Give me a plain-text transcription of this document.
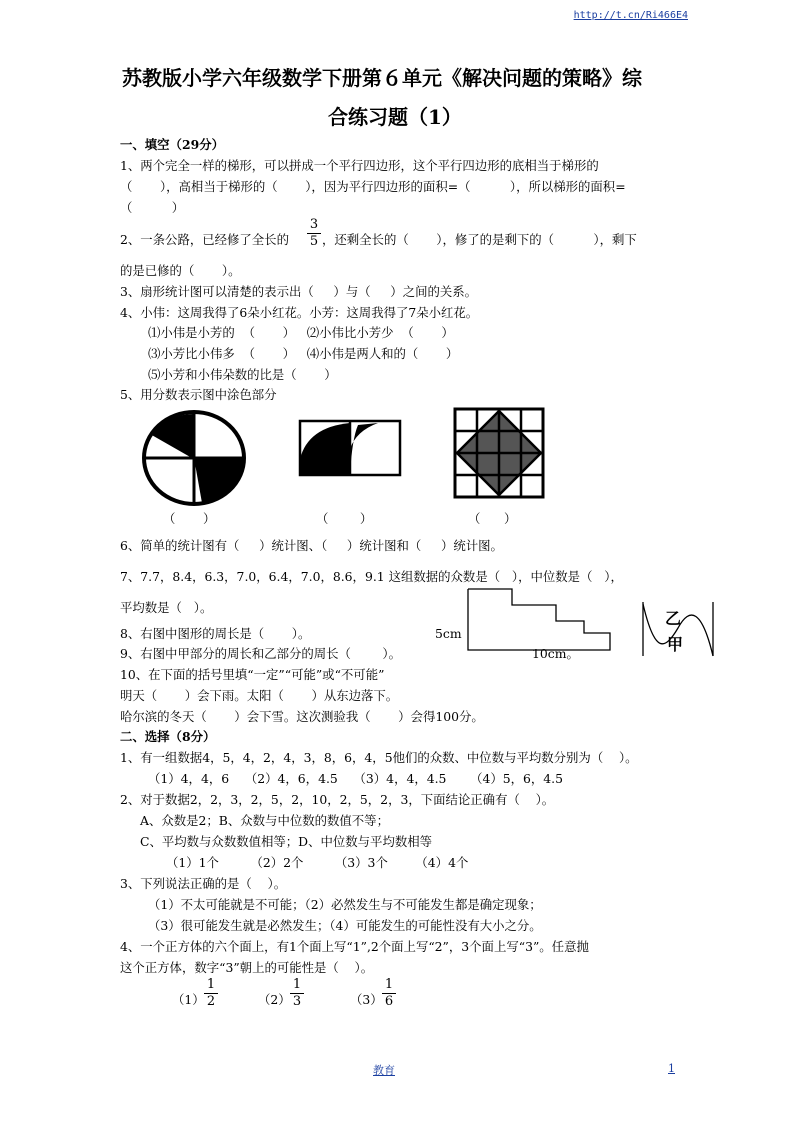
http://t.cn/Ri466E4
苏教版小学六年级数学下册第６单元《解决问题的策略》综
合练习题（1）
一、填空（29分）
1、两个完全一样的梯形，可以拼成一个平行四边形，这个平行四边形的底相当于梯形的
（       ），高相当于梯形的（       ），因为平行四边形的面积=（          ），所以梯形的面积=
（          ）
2、一条公路，已经修了全长的
3
5 ，还剩全长的（       ），修了的是剩下的（          ），剩下
的是已修的（       ）。
3、扇形统计图可以清楚的表示出（     ）与（     ）之间的关系。
4、小伟：这周我得了6朵小红花。小芳：这周我得了7朵小红花。
⑴小伟是小芳的  （       ）   ⑵小伟比小芳少  （       ）
⑶小芳比小伟多  （       ）   ⑷小伟是两人和的（       ）
⑸小芳和小伟朵数的比是（       ）
5、用分数表示图中涂色部分
（       ）	（        ）	（      ）
6、简单的统计图有（     ）统计图、（     ）统计图和（     ）统计图。
7、7.7，8.4，6.3，7.0，6.4，7.0，8.6，9.1 这组数据的众数是（   ），中位数是（   ），
平均数是（   ）。
8、右图中图形的周长是（       ）。	5cm
9、右图中甲部分的周长和乙部分的周长（        ）。	10cm。
乙
甲
10、在下面的括号里填“一定”“可能”或“不可能”
明天（       ）会下雨。太阳（       ）从东边落下。
哈尔滨的冬天（       ）会下雪。这次测验我（       ）会得100分。
二、选择（8分）
1、有一组数据4，5，4，2，4，3，8，6，4，5他们的众数、中位数与平均数分别为（    ）。
（1）4，4，6    （2）4，6，4.5    （3）4，4，4.5      （4）5，6，4.5
2、对于数据2，2，3，2，5，2，10，2，5，2，3，下面结论正确有（    ）。
A、众数是2；B、众数与中位数的数值不等；
C、平均数与众数数值相等；D、中位数与平均数相等
（1）1个        （2）2个        （3）3个       （4）4个
3、下列说法正确的是（    ）。
（1）不太可能就是不可能；（2）必然发生与不可能发生都是确定现象；
（3）很可能发生就是必然发生；（4）可能发生的可能性没有大小之分。
4、一个正方体的六个面上，有1个面上写“1”,2个面上写“2”，3个面上写“3”。任意抛
这个正方体，数字“3”朝上的可能性是（    ）。
（1）
1
2	（2）
1
3	（3）
1
6
教育	1
